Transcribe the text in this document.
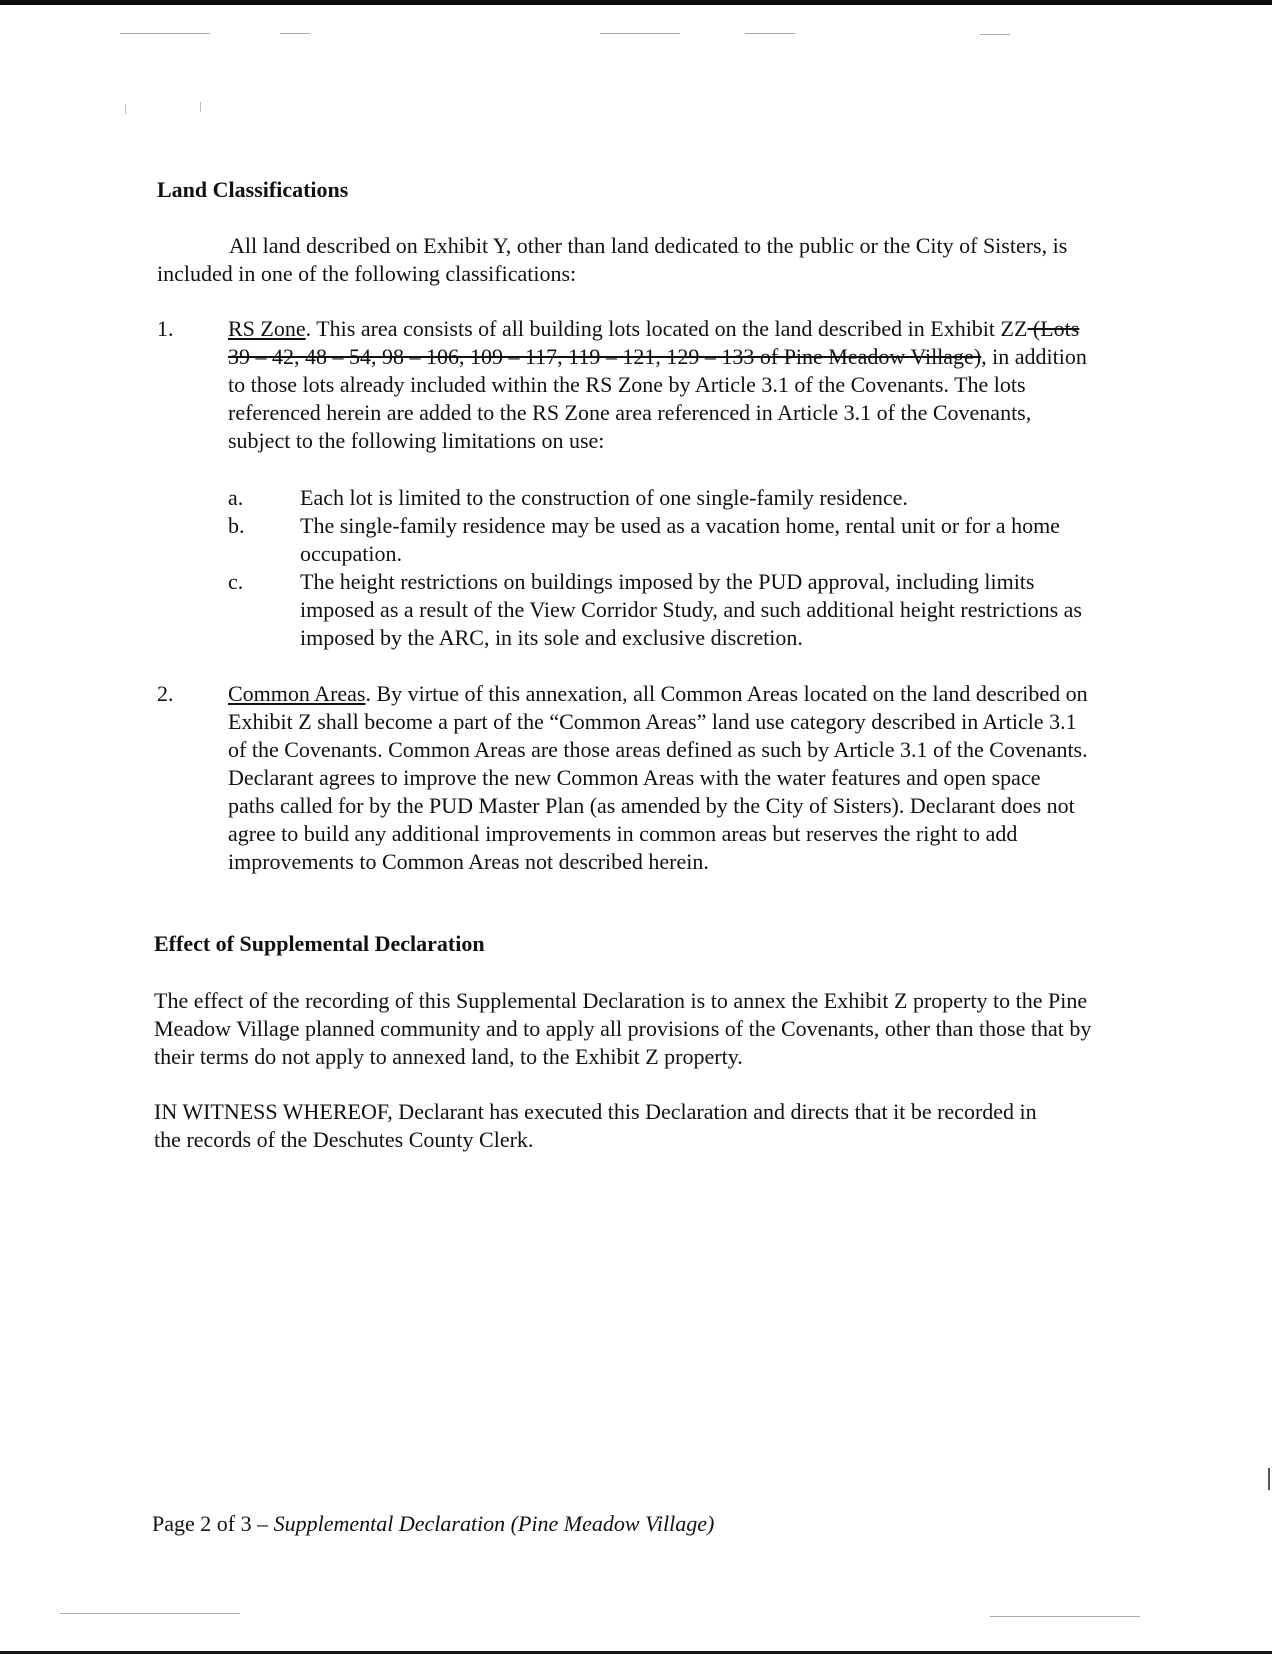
Land Classifications

All land described on Exhibit Y, other than land dedicated to the public or the City of Sisters, is included in one of the following classifications:

1. RS Zone. This area consists of all building lots located on the land described in Exhibit ZZ (Lots 39 – 42, 48 – 54, 98 – 106, 109 – 117, 119 – 121, 129 – 133 of Pine Meadow Village), in addition to those lots already included within the RS Zone by Article 3.1 of the Covenants. The lots referenced herein are added to the RS Zone area referenced in Article 3.1 of the Covenants, subject to the following limitations on use:

a.	Each lot is limited to the construction of one single-family residence.

b.	The single-family residence may be used as a vacation home, rental unit or for a home occupation.

c.	The height restrictions on buildings imposed by the PUD approval, including limits imposed as a result of the View Corridor Study, and such additional height restrictions as imposed by the ARC, in its sole and exclusive discretion.

2. Common Areas. By virtue of this annexation, all Common Areas located on the land described on Exhibit Z shall become a part of the “Common Areas” land use category described in Article 3.1 of the Covenants. Common Areas are those areas defined as such by Article 3.1 of the Covenants. Declarant agrees to improve the new Common Areas with the water features and open space paths called for by the PUD Master Plan (as amended by the City of Sisters). Declarant does not agree to build any additional improvements in common areas but reserves the right to add improvements to Common Areas not described herein.

Effect of Supplemental Declaration

The effect of the recording of this Supplemental Declaration is to annex the Exhibit Z property to the Pine Meadow Village planned community and to apply all provisions of the Covenants, other than those that by their terms do not apply to annexed land, to the Exhibit Z property.

IN WITNESS WHEREOF, Declarant has executed this Declaration and directs that it be recorded in the records of the Deschutes County Clerk.

Page 2 of 3 – Supplemental Declaration (Pine Meadow Village)
